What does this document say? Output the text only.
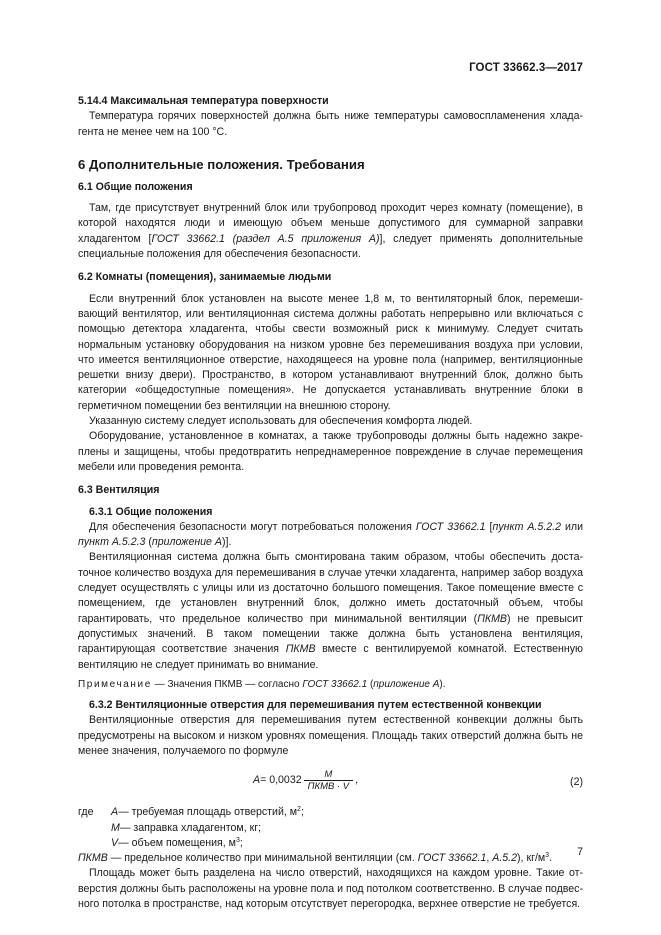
ГОСТ 33662.3—2017

5.14.4 Максимальная температура поверхности

Температура горячих поверхностей должна быть ниже температуры самовоспламенения хладагента не менее чем на 100 °C.

6 Дополнительные положения. Требования

6.1 Общие положения

Там, где присутствует внутренний блок или трубопровод проходит через комнату (помещение), в которой находятся люди и имеющую объем меньше допустимого для суммарной заправки хладагентом [ГОСТ 33662.1 (раздел А.5 приложения А)], следует применять дополнительные специальные положения для обеспечения безопасности.

6.2 Комнаты (помещения), занимаемые людьми

Если внутренний блок установлен на высоте менее 1,8 м, то вентиляторный блок, перемешивающий вентилятор, или вентиляционная система должны работать непрерывно или включаться с помощью детектора хладагента, чтобы свести возможный риск к минимуму. Следует считать нормальным установку оборудования на низком уровне без перемешивания воздуха при условии, что имеется вентиляционное отверстие, находящееся на уровне пола (например, вентиляционные решетки внизу двери). Пространство, в котором устанавливают внутренний блок, должно быть категории «общедоступные помещения». Не допускается устанавливать внутренние блоки в герметичном помещении без вентиляции на внешнюю сторону.

Указанную систему следует использовать для обеспечения комфорта людей.

Оборудование, установленное в комнатах, а также трубопроводы должны быть надежно закреплены и защищены, чтобы предотвратить непреднамеренное повреждение в случае перемещения мебели или проведения ремонта.

6.3 Вентиляция

6.3.1 Общие положения

Для обеспечения безопасности могут потребоваться положения ГОСТ 33662.1 [пункт А.5.2.2 или пункт А.5.2.3 (приложение А)].

Вентиляционная система должна быть смонтирована таким образом, чтобы обеспечить достаточное количество воздуха для перемешивания в случае утечки хладагента, например забор воздуха следует осуществлять с улицы или из достаточно большого помещения. Такое помещение вместе с помещением, где установлен внутренний блок, должно иметь достаточный объем, чтобы гарантировать, что предельное количество при минимальной вентиляции (ПКМВ) не превысит допустимых значений. В таком помещении также должна быть установлена вентиляция, гарантирующая соответствие значения ПКМВ вместе с вентилируемой комнатой. Естественную вентиляцию не следует принимать во внимание.

Примечание — Значения ПКМВ — согласно ГОСТ 33662.1 (приложение А).

6.3.2 Вентиляционные отверстия для перемешивания путем естественной конвекции

Вентиляционные отверстия для перемешивания путем естественной конвекции должны быть предусмотрены на высоком и низком уровнях помещения. Площадь таких отверстий должна быть не менее значения, получаемого по формуле

$A = 0,0032 \frac{M}{\text{ПКМВ · V}}$ ,	(2)
где	A — требуемая площадь отверстий, $м^2$;
M — заправка хладагентом, кг;
V — объем помещения, $м^3$;

ПКМВ — предельное количество при минимальной вентиляции (см. ГОСТ 33662.1, А.5.2), $кг/м^3$.

Площадь может быть разделена на число отверстий, находящихся на каждом уровне. Такие отверстия должны быть расположены на уровне пола и под потолком соответственно. В случае подвесного потолка в пространстве, над которым отсутствует перегородка, верхнее отверстие не требуется.

7
